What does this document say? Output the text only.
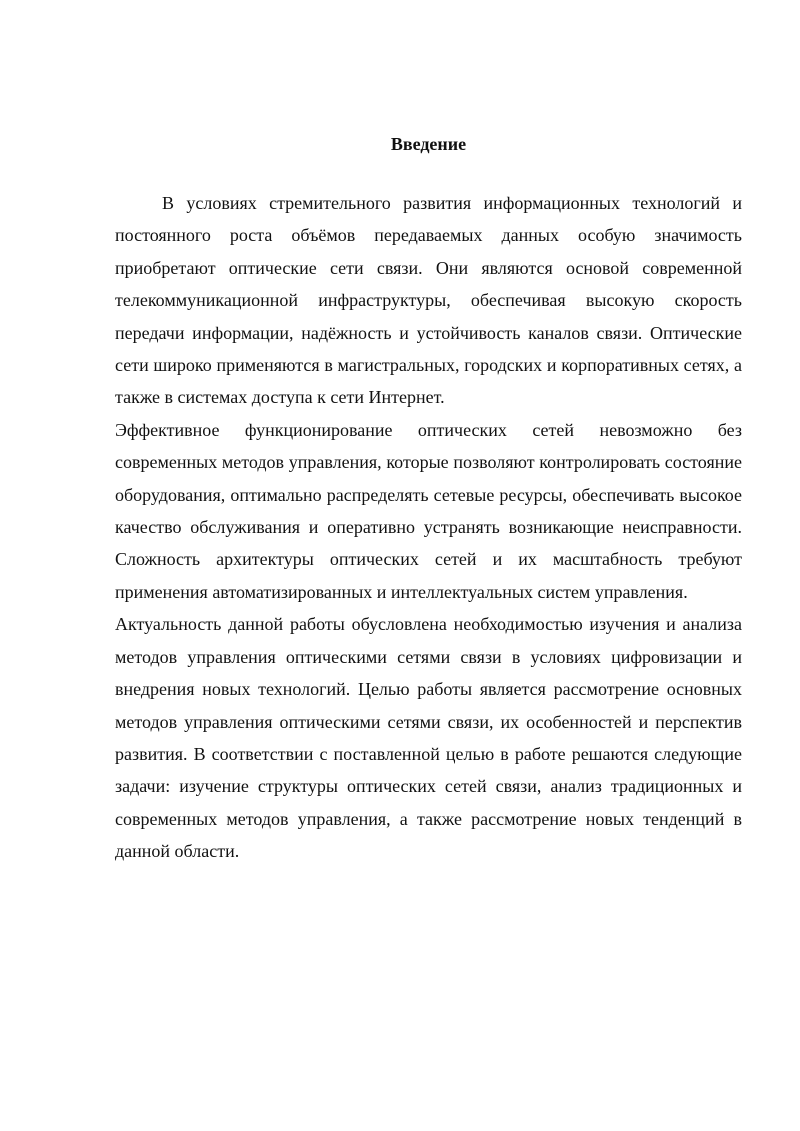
Введение

В условиях стремительного развития информационных технологий и постоянного роста объёмов передаваемых данных особую значимость приобретают оптические сети связи. Они являются основой современной телекоммуникационной инфраструктуры, обеспечивая высокую скорость передачи информации, надёжность и устойчивость каналов связи. Оптические сети широко применяются в магистральных, городских и корпоративных сетях, а также в системах доступа к сети Интернет.

Эффективное функционирование оптических сетей невозможно без современных методов управления, которые позволяют контролировать состояние оборудования, оптимально распределять сетевые ресурсы, обеспечивать высокое качество обслуживания и оперативно устранять возникающие неисправности. Сложность архитектуры оптических сетей и их масштабность требуют применения автоматизированных и интеллектуальных систем управления.

Актуальность данной работы обусловлена необходимостью изучения и анализа методов управления оптическими сетями связи в условиях цифровизации и внедрения новых технологий. Целью работы является рассмотрение основных методов управления оптическими сетями связи, их особенностей и перспектив развития. В соответствии с поставленной целью в работе решаются следующие задачи: изучение структуры оптических сетей связи, анализ традиционных и современных методов управления, а также рассмотрение новых тенденций в данной области.
